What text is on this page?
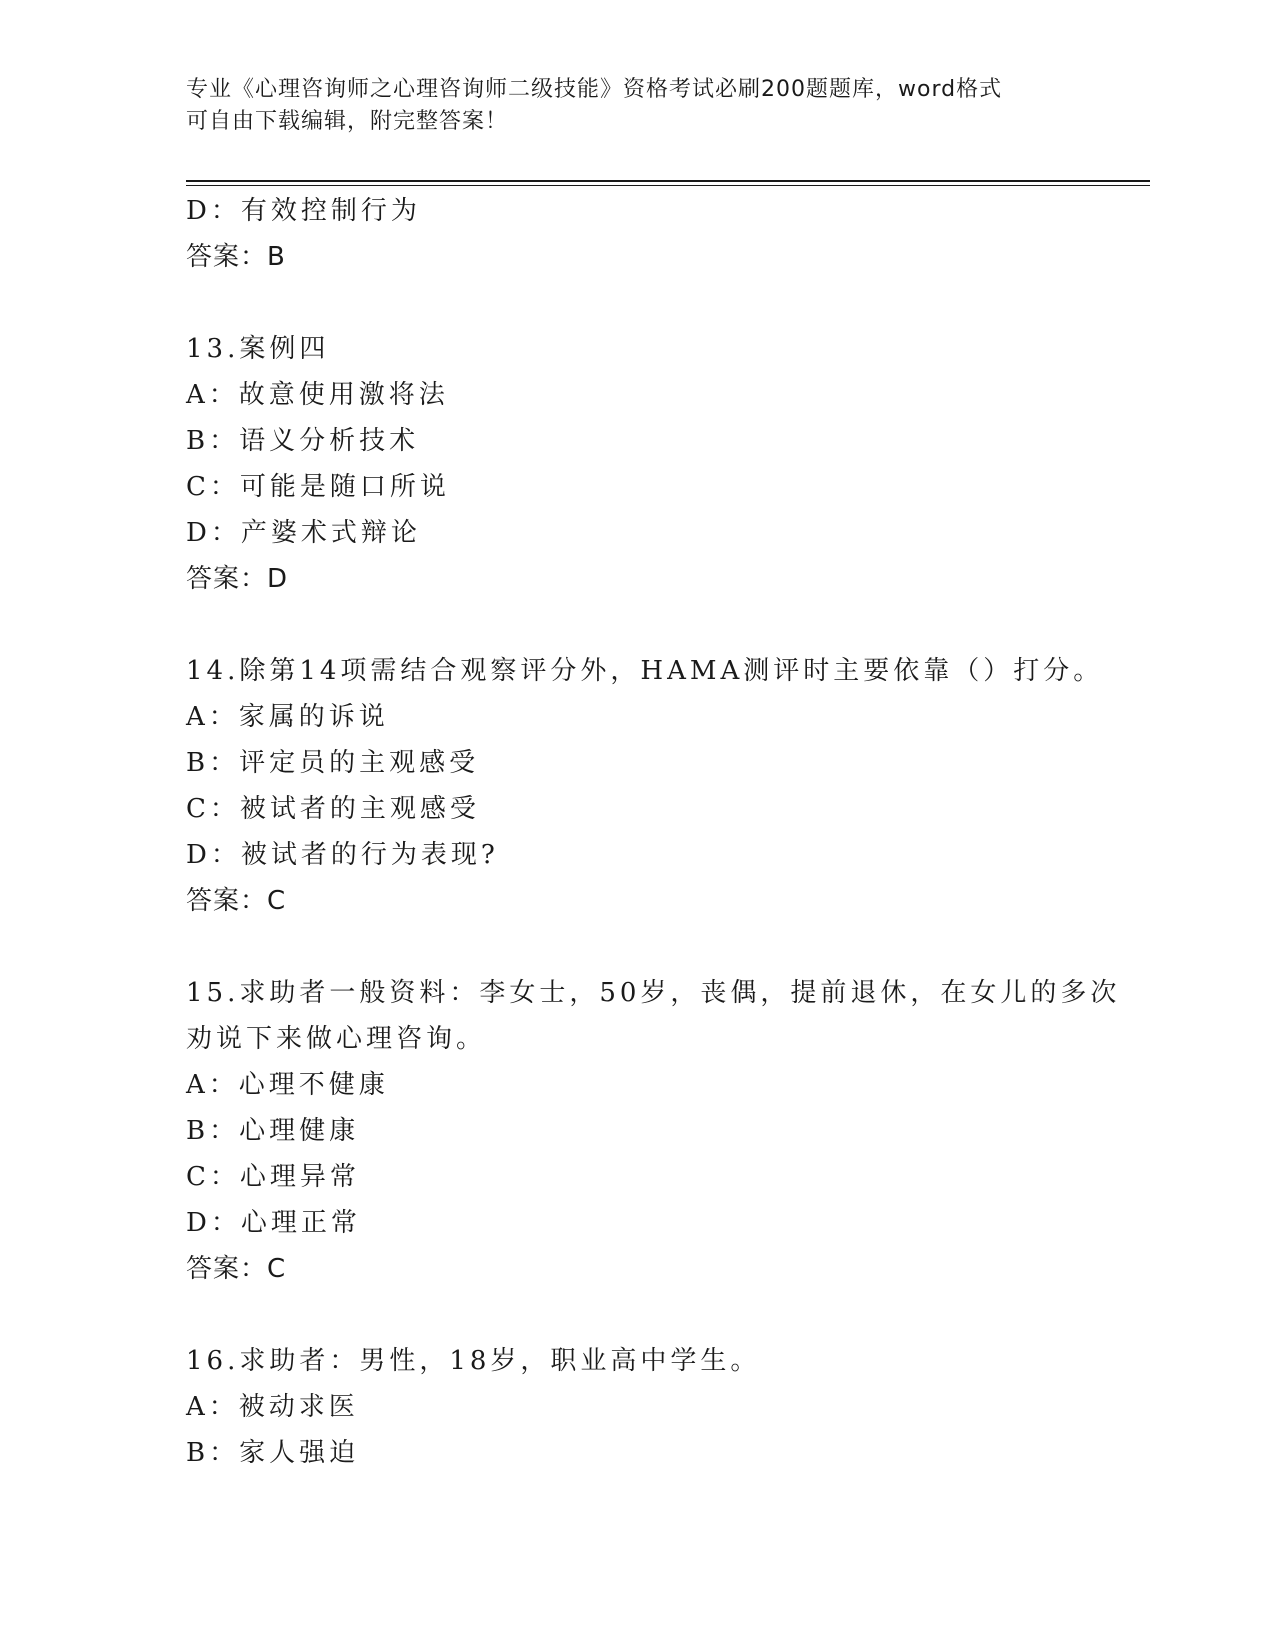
专业《心理咨询师之心理咨询师二级技能》资格考试必刷200题题库，word格式
可自由下载编辑，附完整答案！
D：有效控制行为
答案：B
13.案例四
A：故意使用激将法
B：语义分析技术
C：可能是随口所说
D：产婆术式辩论
答案：D
14.除第14项需结合观察评分外，HAMA测评时主要依靠（）打分。
A：家属的诉说
B：评定员的主观感受
C：被试者的主观感受
D：被试者的行为表现?
答案：C
15.求助者一般资料：李女士，50岁，丧偶，提前退休，在女儿的多次
劝说下来做心理咨询。
A：心理不健康
B：心理健康
C：心理异常
D：心理正常
答案：C
16.求助者：男性，18岁，职业高中学生。
A：被动求医
B：家人强迫
